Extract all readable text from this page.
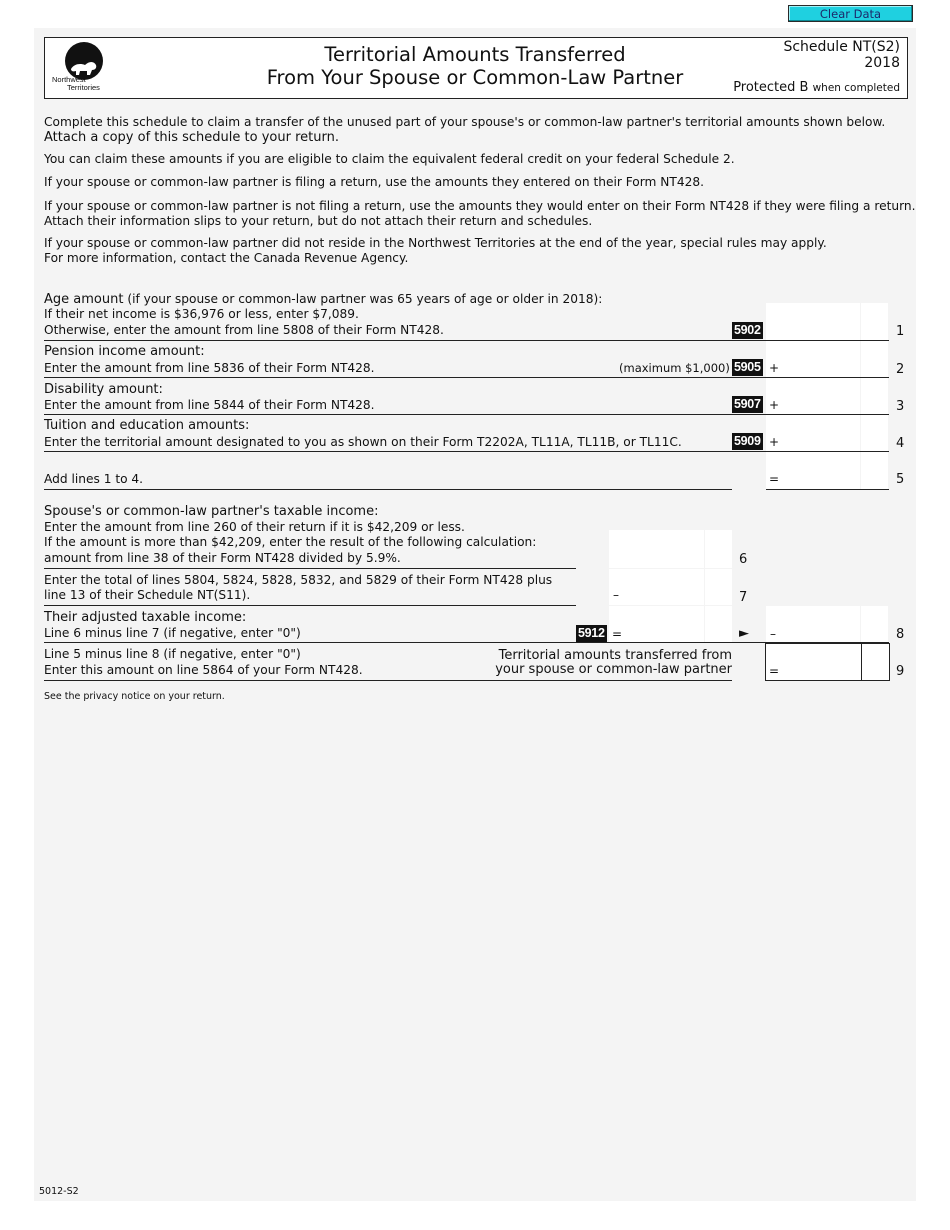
Clear Data
Northwest
Territories
Territorial Amounts Transferred
From Your Spouse or Common-Law Partner
Schedule NT(S2)
2018
Protected B when completed
Complete this schedule to claim a transfer of the unused part of your spouse's or common-law partner's territorial amounts shown below.
Attach a copy of this schedule to your return.
You can claim these amounts if you are eligible to claim the equivalent federal credit on your federal Schedule 2.
If your spouse or common-law partner is filing a return, use the amounts they entered on their Form NT428.
If your spouse or common-law partner is not filing a return, use the amounts they would enter on their Form NT428 if they were filing a return.
Attach their information slips to your return, but do not attach their return and schedules.
If your spouse or common-law partner did not reside in the Northwest Territories at the end of the year, special rules may apply.
For more information, contact the Canada Revenue Agency.
Age amount (if your spouse or common-law partner was 65 years of age or older in 2018):
If their net income is $36,976 or less, enter $7,089.
Otherwise, enter the amount from line 5808 of their Form NT428.	5902	1
Pension income amount:
Enter the amount from line 5836 of their Form NT428.	(maximum $1,000) 5905 +	2
Disability amount:
Enter the amount from line 5844 of their Form NT428.	5907 +	3
Tuition and education amounts:
Enter the territorial amount designated to you as shown on their Form T2202A, TL11A, TL11B, or TL11C.	5909 +	4
Add lines 1 to 4.	=	5
Spouse's or common-law partner's taxable income:
Enter the amount from line 260 of their return if it is $42,209 or less.
If the amount is more than $42,209, enter the result of the following calculation:
amount from line 38 of their Form NT428 divided by 5.9%.	6
Enter the total of lines 5804, 5824, 5828, 5832, and 5829 of their Form NT428 plus
line 13 of their Schedule NT(S11).	–	7
Their adjusted taxable income:
Line 6 minus line 7 (if negative, enter "0")	5912 =	► –	8
Line 5 minus line 8 (if negative, enter "0")
Enter this amount on line 5864 of your Form NT428.
Territorial amounts transferred from
your spouse or common-law partner	=	9
See the privacy notice on your return.
5012-S2
